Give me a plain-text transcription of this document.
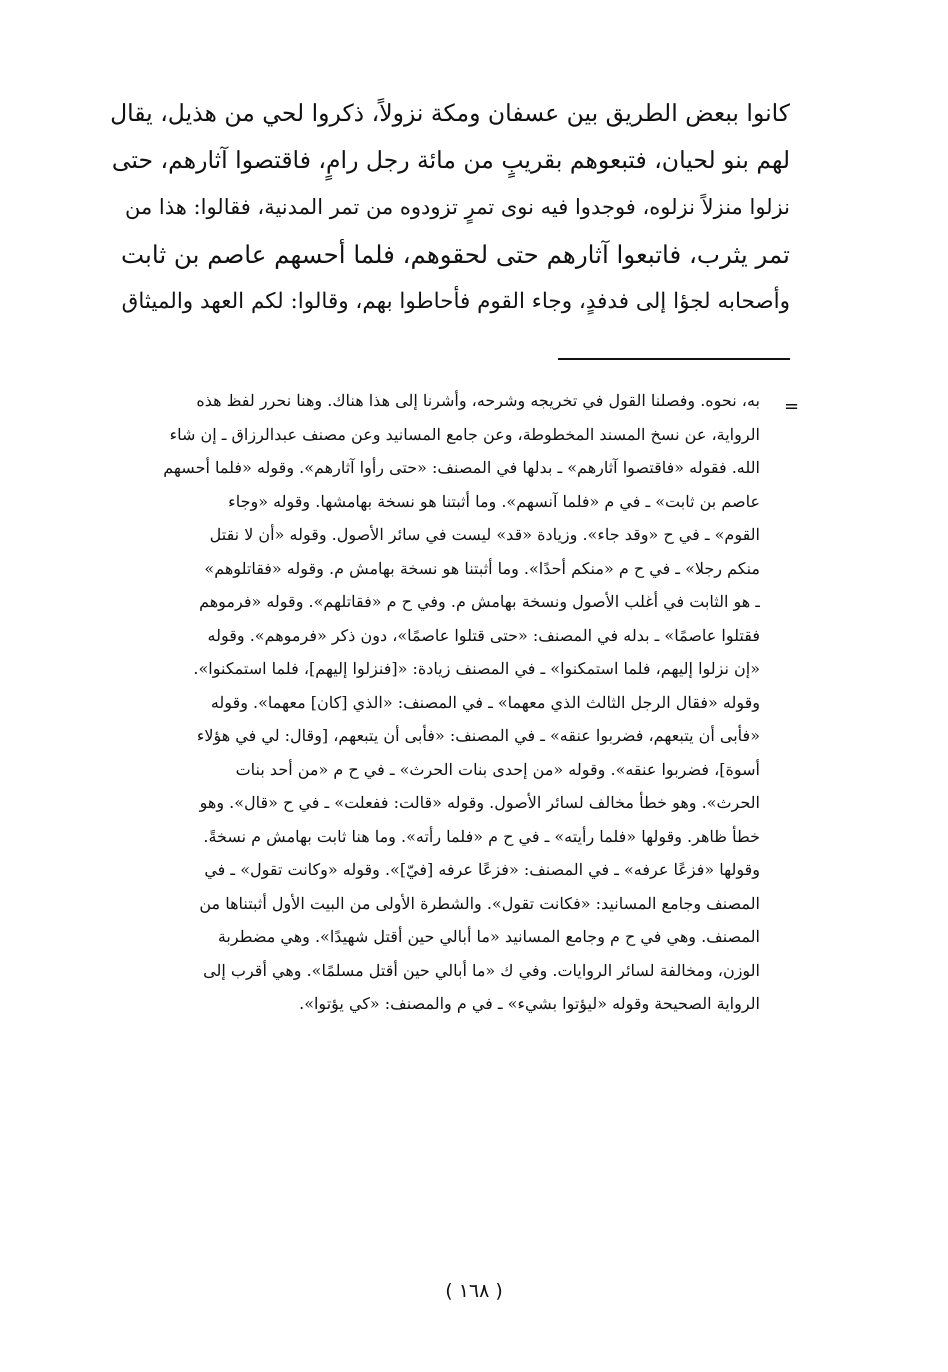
كانوا ببعض الطريق بين عسفان ومكة نزولاً، ذكروا لحي من هذيل، يقال
لهم بنو لحيان، فتبعوهم بقريبٍ من مائة رجل رامٍ، فاقتصوا آثارهم، حتى
نزلوا منزلاً نزلوه، فوجدوا فيه نوى تمرٍ تزودوه من تمر المدنية، فقالوا: هذا من
تمر يثرب، فاتبعوا آثارهم حتى لحقوهم، فلما أحسهم عاصم بن ثابت
وأصحابه لجؤا إلى فدفدٍ، وجاء القوم فأحاطوا بهم، وقالوا: لكم العهد والميثاق
=
به، نحوه. وفصلنا القول في تخريجه وشرحه، وأشرنا إلى هذا هناك. وهنا نحرر لفظ هذه
الرواية، عن نسخ المسند المخطوطة، وعن جامع المسانيد وعن مصنف عبدالرزاق ـ إن شاء
الله. فقوله «فاقتصوا آثارهم» ـ بدلها في المصنف: «حتى رأوا آثارهم». وقوله «فلما أحسهم
عاصم بن ثابت» ـ في م «فلما آنسهم». وما أثبتنا هو نسخة بهامشها. وقوله «وجاء
القوم» ـ في ح «وقد جاء». وزيادة «قد» ليست في سائر الأصول. وقوله «أن لا نقتل
منكم رجلا» ـ في ح م «منكم أحدًا». وما أثبتنا هو نسخة بهامش م. وقوله «فقاتلوهم»
ـ هو الثابت في أغلب الأصول ونسخة بهامش م. وفي ح م «فقاتلهم». وقوله «فرموهم
فقتلوا عاصمًا» ـ بدله في المصنف: «حتى قتلوا عاصمًا»، دون ذكر «فرموهم». وقوله
«إن نزلوا إليهم، فلما استمكنوا» ـ في المصنف زيادة: «[فنزلوا إليهم]، فلما استمكنوا».
وقوله «فقال الرجل الثالث الذي معهما» ـ في المصنف: «الذي [كان] معهما». وقوله
«فأبى أن يتبعهم، فضربوا عنقه» ـ في المصنف: «فأبى أن يتبعهم، [وقال: لي في هؤلاء
أسوة]، فضربوا عنقه». وقوله «من إحدى بنات الحرث» ـ في ح م «من أحد بنات
الحرث». وهو خطأ مخالف لسائر الأصول. وقوله «قالت: ففعلت» ـ في ح «قال». وهو
خطأ ظاهر. وقولها «فلما رأيته» ـ في ح م «فلما رأته». وما هنا ثابت بهامش م نسخةً.
وقولها «فزعًا عرفه» ـ في المصنف: «فزعًا عرفه [فيّ]». وقوله «وكانت تقول» ـ في
المصنف وجامع المسانيد: «فكانت تقول». والشطرة الأولى من البيت الأول أثبتناها من
المصنف. وهي في ح م وجامع المسانيد «ما أبالي حين أقتل شهيدًا». وهي مضطربة
الوزن، ومخالفة لسائر الروايات. وفي ك «ما أبالي حين أقتل مسلمًا». وهي أقرب إلى
الرواية الصحيحة وقوله «ليؤتوا بشيء» ـ في م والمصنف: «كي يؤتوا».
( ١٦٨ )
